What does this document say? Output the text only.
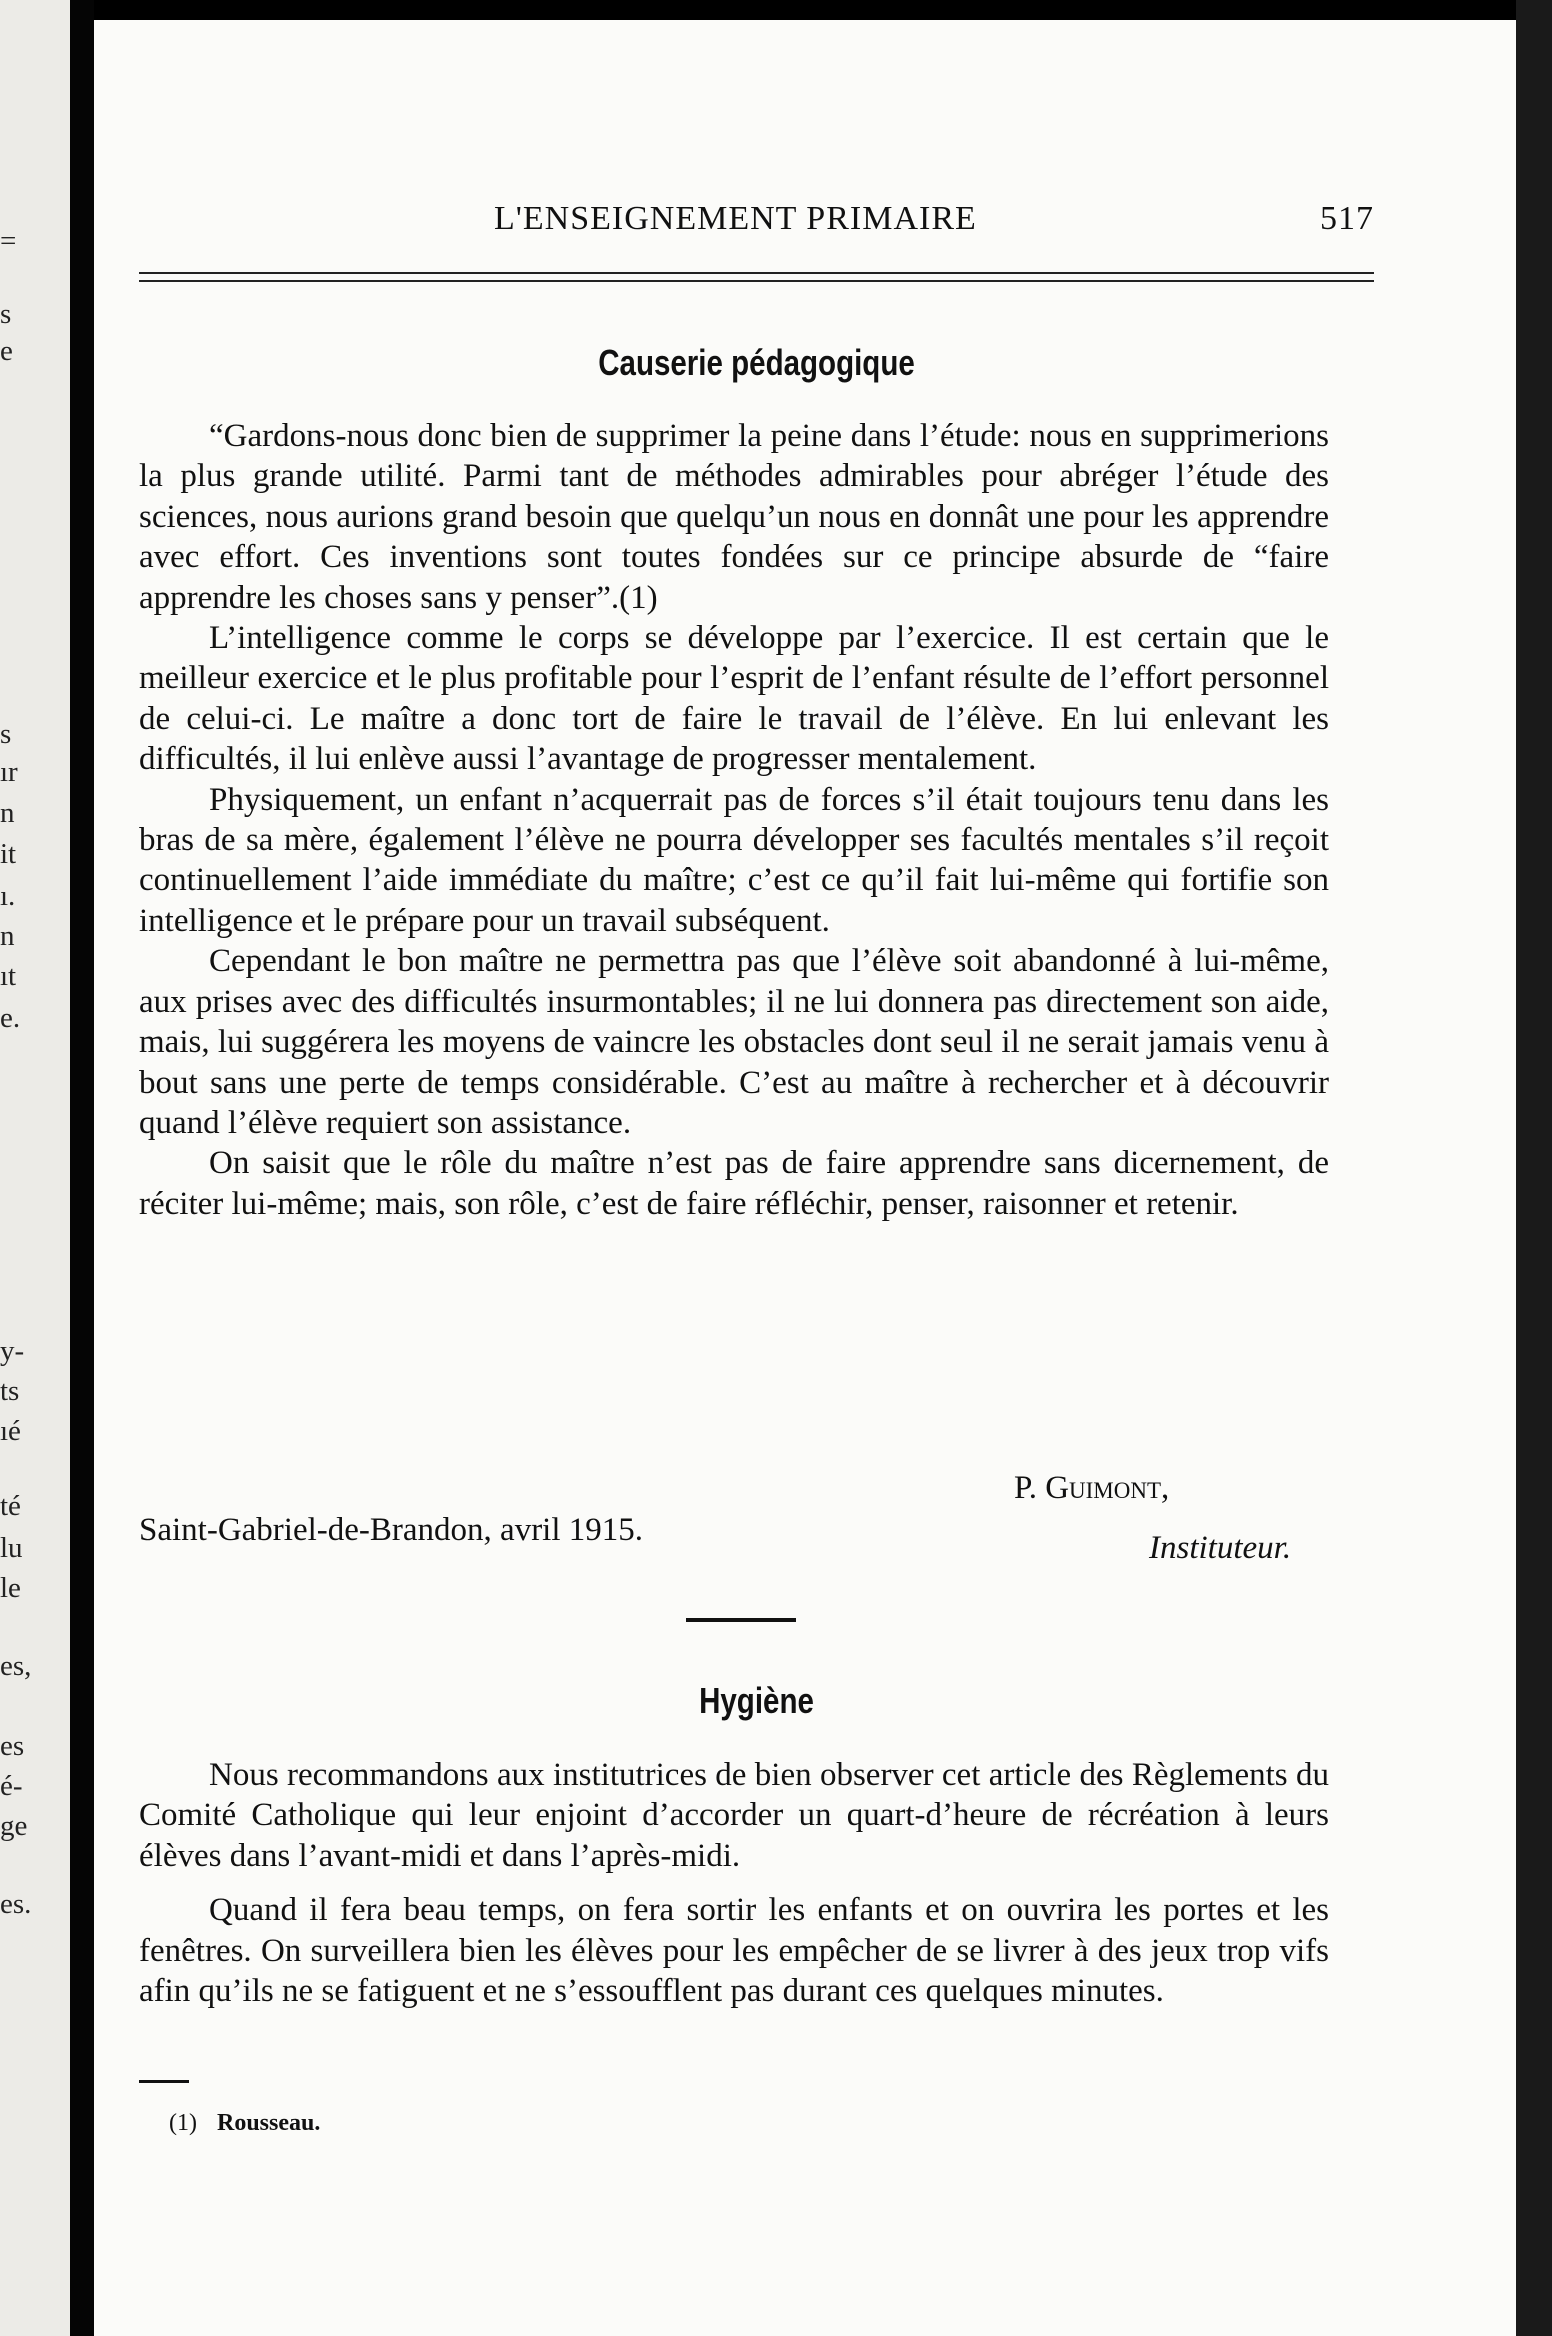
=
s
e
s
ır
n
it
ı.
n
ıt
e.
y-
ts
ıé
té
lu
le
es,
es
é-
ge
es.
L'ENSEIGNEMENT PRIMAIRE	517
Causerie pédagogique

“Gardons-nous donc bien de supprimer la peine dans l’étude: nous en supprimerions la plus grande utilité. Parmi tant de méthodes admirables pour abréger l’étude des sciences, nous aurions grand besoin que quelqu’un nous en donnât une pour les apprendre avec effort. Ces inventions sont toutes fondées sur ce principe absurde de “faire apprendre les choses sans y penser”.(1)

L’intelligence comme le corps se développe par l’exercice. Il est certain que le meilleur exercice et le plus profitable pour l’esprit de l’enfant résulte de l’effort personnel de celui-ci. Le maître a donc tort de faire le travail de l’élève. En lui enlevant les difficultés, il lui enlève aussi l’avantage de progresser mentalement.

Physiquement, un enfant n’acquerrait pas de forces s’il était toujours tenu dans les bras de sa mère, également l’élève ne pourra développer ses facultés mentales s’il reçoit continuellement l’aide immédiate du maître; c’est ce qu’il fait lui-même qui fortifie son intelligence et le prépare pour un travail subséquent.

Cependant le bon maître ne permettra pas que l’élève soit abandonné à lui-même, aux prises avec des difficultés insurmontables; il ne lui donnera pas directement son aide, mais, lui suggérera les moyens de vaincre les obstacles dont seul il ne serait jamais venu à bout sans une perte de temps considérable. C’est au maître à rechercher et à découvrir quand l’élève requiert son assistance.

On saisit que le rôle du maître n’est pas de faire apprendre sans dicernement, de réciter lui-même; mais, son rôle, c’est de faire réfléchir, penser, raisonner et retenir.

P. Guimont,
Saint-Gabriel-de-Brandon, avril 1915.	Instituteur.
Hygiène

Nous recommandons aux institutrices de bien observer cet article des Règlements du Comité Catholique qui leur enjoint d’accorder un quart-d’heure de récréation à leurs élèves dans l’avant-midi et dans l’après-midi.

Quand il fera beau temps, on fera sortir les enfants et on ouvrira les portes et les fenêtres. On surveillera bien les élèves pour les empêcher de se livrer à des jeux trop vifs afin qu’ils ne se fatiguent et ne s’essoufflent pas durant ces quelques minutes.

(1) Rousseau.
